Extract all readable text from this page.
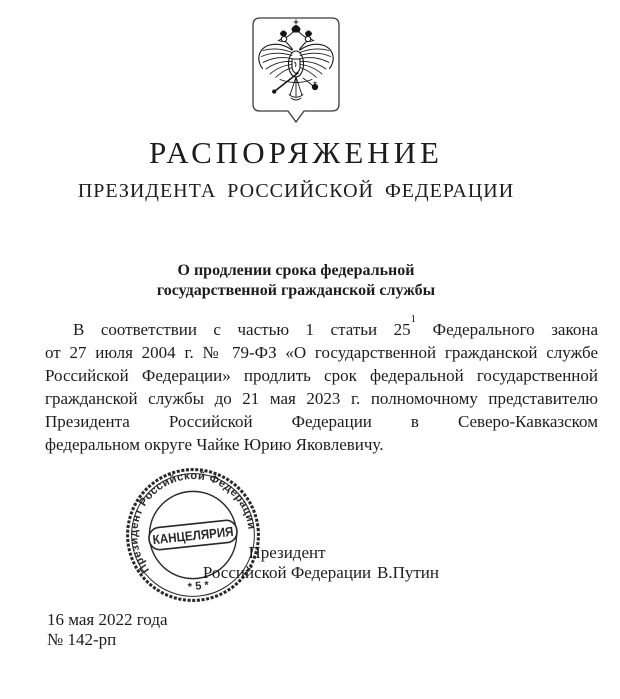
РАСПОРЯЖЕНИЕ
ПРЕЗИДЕНТА РОССИЙСКОЙ ФЕДЕРАЦИИ
О продлении срока федеральной
государственной гражданской службы
В соответствии с частью 1 статьи 25$^1$ Федерального закона
от 27 июля 2004 г. № 79-ФЗ «О государственной гражданской службе
Российской Федерации» продлить срок федеральной государственной
гражданской службы до 21 мая 2023 г. полномочному представителю
Президента Российской Федерации в Северо-Кавказском
федеральном округе Чайке Юрию Яковлевичу.
Президент
Российской Федерации В.Путин
Президент Российской Федерации
КАНЦЕЛЯРИЯ
* 5 *
16 мая 2022 года
№ 142-рп
